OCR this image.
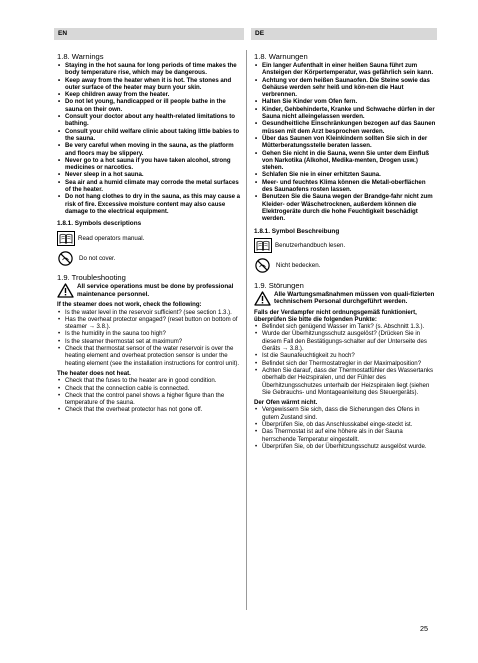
EN	DE
1.8. Warnings
• Staying in the hot sauna for long periods of time makes the body temperature rise, which may be dangerous.
• Keep away from the heater when it is hot. The stones and outer surface of the heater may burn your skin.
• Keep children away from the heater.
• Do not let young, handicapped or ill people bathe in the sauna on their own.
• Consult your doctor about any health-related limitations to bathing.
• Consult your child welfare clinic about taking little babies to the sauna.
• Be very careful when moving in the sauna, as the platform and floors may be slippery.
• Never go to a hot sauna if you have taken alcohol, strong medicines or narcotics.
• Never sleep in a hot sauna.
• Sea air and a humid climate may corrode the metal surfaces of the heater.
• Do not hang clothes to dry in the sauna, as this may cause a risk of fire. Excessive moisture content may also cause damage to the electrical equipment.
1.8.1. Symbols descriptions
Read operators manual.
Do not cover.
1.9. Troubleshooting
All service operations must be done by professional maintenance personnel.
If the steamer does not work, check the following:
• Is the water level in the reservoir sufficient? (see section 1.3.).
• Has the overheat protector engaged? (reset button on bottom of steamer → 3.8.).
• Is the humidity in the sauna too high?
• Is the steamer thermostat set at maximum?
• Check that thermostat sensor of the water reservoir is over the heating element and overheat protection sensor is under the heating element (see the installation instructions for control unit).
The heater does not heat.
• Check that the fuses to the heater are in good condition.
• Check that the connection cable is connected.
• Check that the control panel shows a higher figure than the temperature of the sauna.
• Check that the overheat protector has not gone off.
1.8. Warnungen
• Ein langer Aufenthalt in einer heißen Sauna führt zum Ansteigen der Körpertemperatur, was gefährlich sein kann.
• Achtung vor dem heißen Saunaofen. Die Steine sowie das Gehäuse werden sehr heiß und kön-nen die Haut verbrennen.
• Halten Sie Kinder vom Ofen fern.
• Kinder, Gehbehinderte, Kranke und Schwache dürfen in der Sauna nicht alleingelassen werden.
• Gesundheitliche Einschränkungen bezogen auf das Saunen müssen mit dem Arzt besprochen werden.
• Über das Saunen von Kleinkindern sollten Sie sich in der Mütterberatungsstelle beraten lassen.
• Gehen Sie nicht in die Sauna, wenn Sie unter dem Einfluß von Narkotika (Alkohol, Medika-menten, Drogen usw.) stehen.
• Schlafen Sie nie in einer erhitzten Sauna.
• Meer- und feuchtes Klima können die Metall-oberflächen des Saunaofens rosten lassen.
• Benutzen Sie die Sauna wegen der Brandge-fahr nicht zum Kleider- oder Wäschetrocknen, außerdem können die Elektrogeräte durch die hohe Feuchtigkeit beschädigt werden.
1.8.1. Symbol Beschreibung
Benutzerhandbuch lesen.
Nicht bedecken.
1.9. Störungen
Alle Wartungsmaßnahmen müssen von quali-fizierten technischem Personal durchgeführt werden.
Falls der Verdampfer nicht ordnungsgemäß funktioniert, überprüfen Sie bitte die folgenden Punkte:
• Befindet sich genügend Wasser im Tank? (s. Abschnitt 1.3.).
• Wurde der Überhitzungsschutz ausgelöst? (Drücken Sie in diesem Fall den Bestätigungs-schalter auf der Unterseite des Geräts → 3.8.).
• Ist die Saunafeuchtigkeit zu hoch?
• Befindet sich der Thermostatregler in der Maximalposition?
• Achten Sie darauf, dass der Thermostatfühler des Wassertanks oberhalb der Heizspiralen, und der Fühler des Überhitzungsschutzes unterhalb der Heizspiralen liegt (siehen Sie Gebrauchs- und Montageanleitung des Steuergeräts).
Der Ofen wärmt nicht.
• Vergewissern Sie sich, dass die Sicherungen des Ofens in gutem Zustand sind.
• Überprüfen Sie, ob das Anschlusskabel einge-steckt ist.
• Das Thermostat ist auf eine höhere als in der Sauna herrschende Temperatur eingestellt.
• Überprüfen Sie, ob der Überhitzungsschutz ausgelöst wurde.
25
